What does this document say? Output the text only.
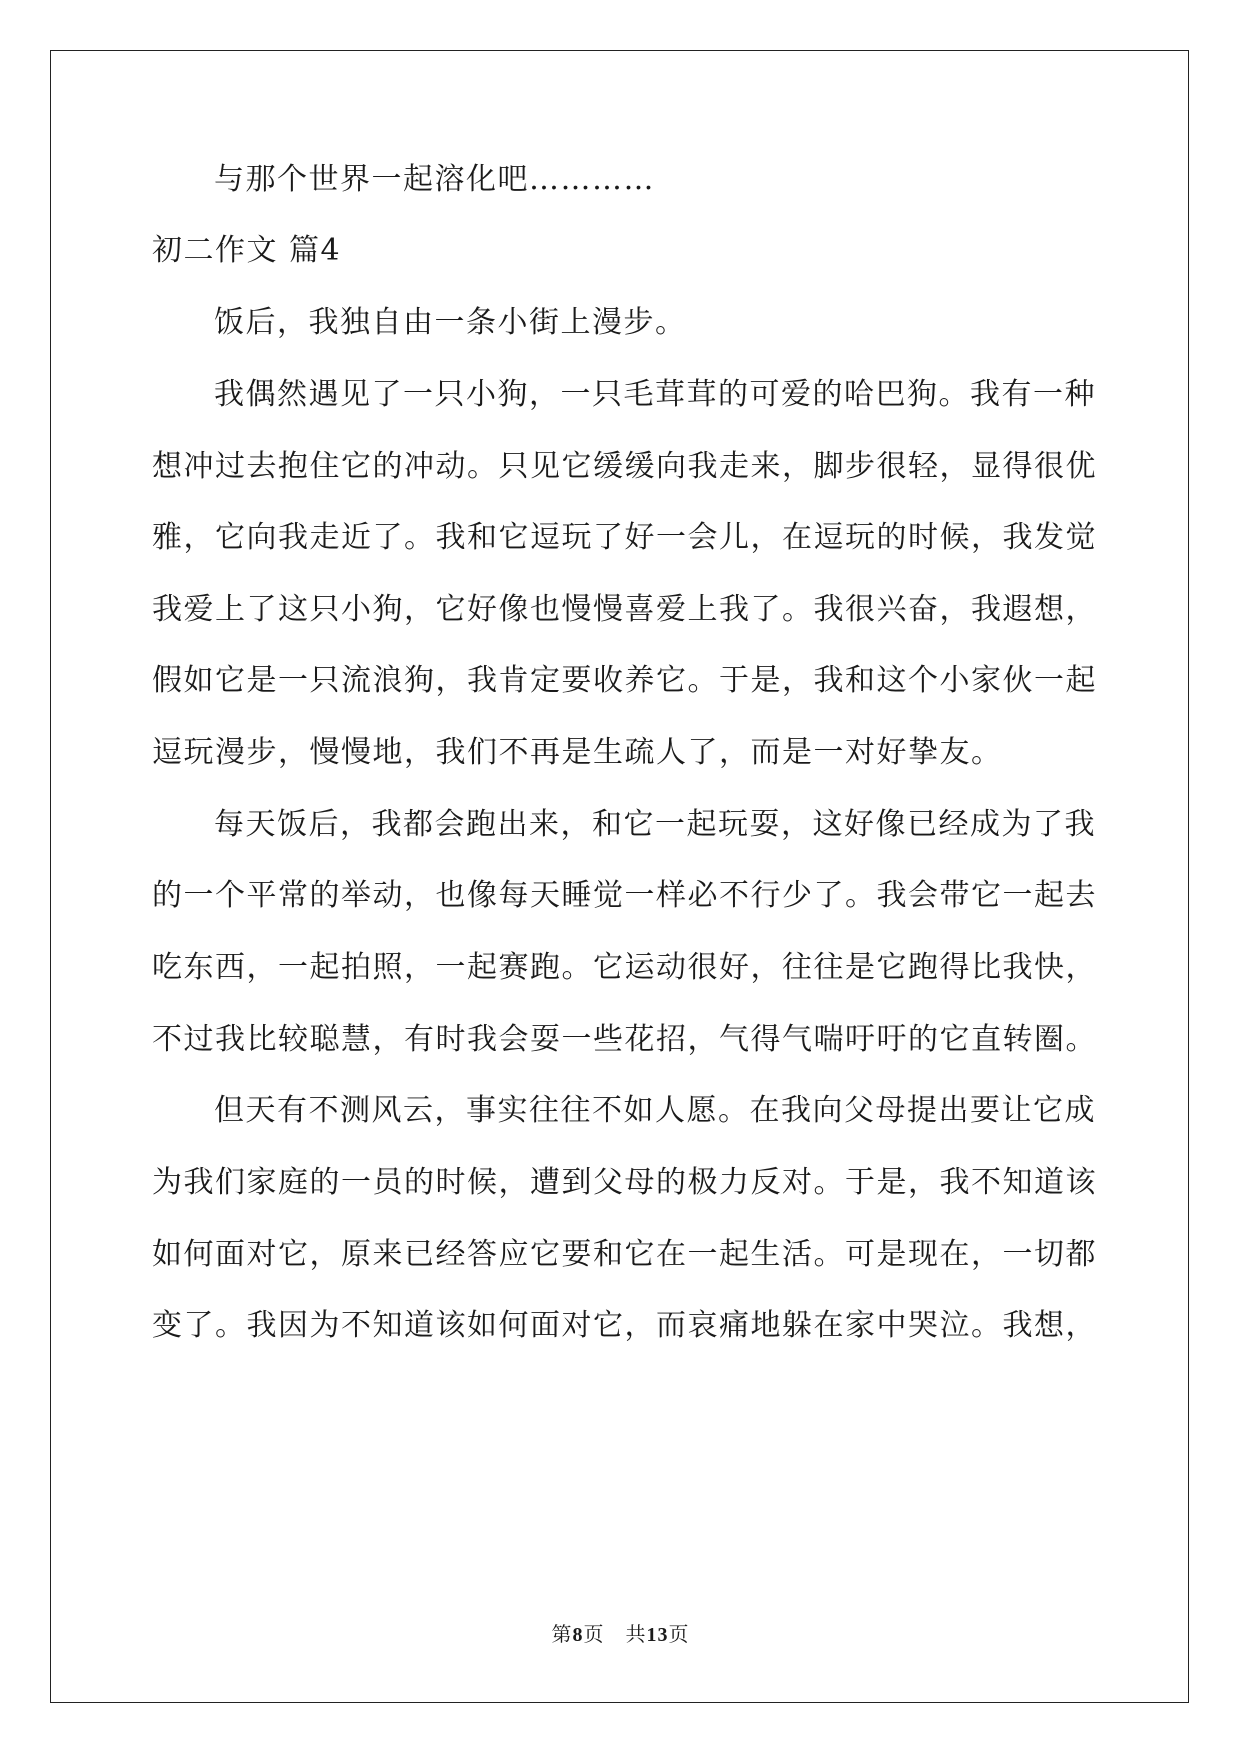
与那个世界一起溶化吧…………
初二作文 篇4
饭后，我独自由一条小街上漫步。
我偶然遇见了一只小狗，一只毛茸茸的可爱的哈巴狗。我有一种
想冲过去抱住它的冲动。只见它缓缓向我走来，脚步很轻，显得很优
雅，它向我走近了。我和它逗玩了好一会儿，在逗玩的时候，我发觉
我爱上了这只小狗，它好像也慢慢喜爱上我了。我很兴奋，我遐想，
假如它是一只流浪狗，我肯定要收养它。于是，我和这个小家伙一起
逗玩漫步，慢慢地，我们不再是生疏人了，而是一对好挚友。
每天饭后，我都会跑出来，和它一起玩耍，这好像已经成为了我
的一个平常的举动，也像每天睡觉一样必不行少了。我会带它一起去
吃东西，一起拍照，一起赛跑。它运动很好，往往是它跑得比我快，
不过我比较聪慧，有时我会耍一些花招，气得气喘吁吁的它直转圈。
但天有不测风云，事实往往不如人愿。在我向父母提出要让它成
为我们家庭的一员的时候，遭到父母的极力反对。于是，我不知道该
如何面对它，原来已经答应它要和它在一起生活。可是现在，一切都
变了。我因为不知道该如何面对它，而哀痛地躲在家中哭泣。我想，
第8页　共13页
